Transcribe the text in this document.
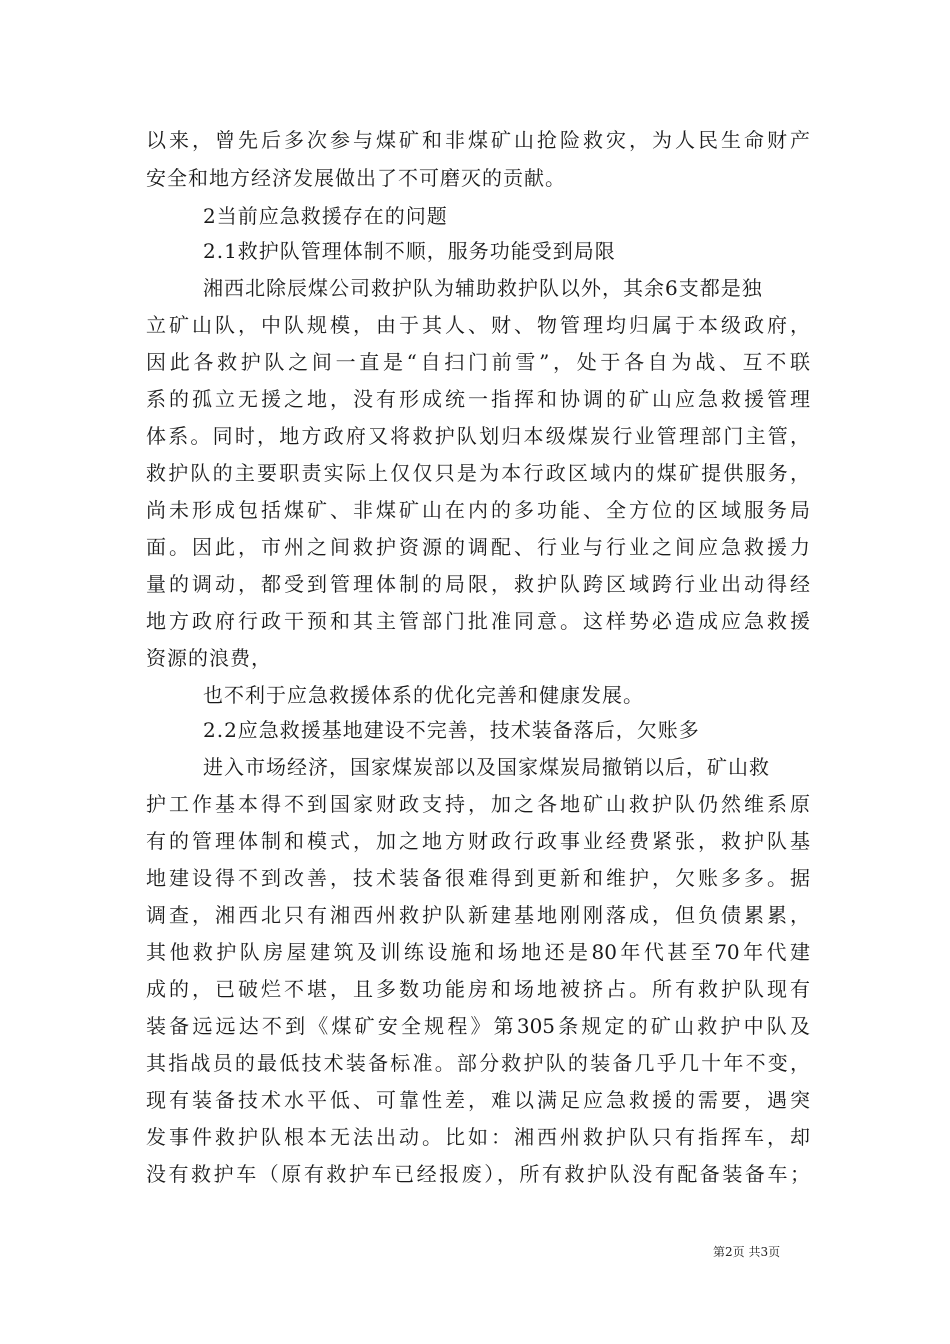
以来，曾先后多次参与煤矿和非煤矿山抢险救灾，为人民生命财产
安全和地方经济发展做出了不可磨灭的贡献。
2当前应急救援存在的问题
2.1救护队管理体制不顺，服务功能受到局限
湘西北除辰煤公司救护队为辅助救护队以外，其余6支都是独
立矿山队，中队规模，由于其人、财、物管理均归属于本级政府，
因此各救护队之间一直是“自扫门前雪”，处于各自为战、互不联
系的孤立无援之地，没有形成统一指挥和协调的矿山应急救援管理
体系。同时，地方政府又将救护队划归本级煤炭行业管理部门主管，
救护队的主要职责实际上仅仅只是为本行政区域内的煤矿提供服务，
尚未形成包括煤矿、非煤矿山在内的多功能、全方位的区域服务局
面。因此，市州之间救护资源的调配、行业与行业之间应急救援力
量的调动，都受到管理体制的局限，救护队跨区域跨行业出动得经
地方政府行政干预和其主管部门批准同意。这样势必造成应急救援
资源的浪费，
也不利于应急救援体系的优化完善和健康发展。
2.2应急救援基地建设不完善，技术装备落后，欠账多
进入市场经济，国家煤炭部以及国家煤炭局撤销以后，矿山救
护工作基本得不到国家财政支持，加之各地矿山救护队仍然维系原
有的管理体制和模式，加之地方财政行政事业经费紧张，救护队基
地建设得不到改善，技术装备很难得到更新和维护，欠账多多。据
调查，湘西北只有湘西州救护队新建基地刚刚落成，但负债累累，
其他救护队房屋建筑及训练设施和场地还是80年代甚至70年代建
成的，已破烂不堪，且多数功能房和场地被挤占。所有救护队现有
装备远远达不到《煤矿安全规程》第305条规定的矿山救护中队及
其指战员的最低技术装备标准。部分救护队的装备几乎几十年不变，
现有装备技术水平低、可靠性差，难以满足应急救援的需要，遇突
发事件救护队根本无法出动。比如：湘西州救护队只有指挥车，却
没有救护车（原有救护车已经报废），所有救护队没有配备装备车；
第2页 共3页
